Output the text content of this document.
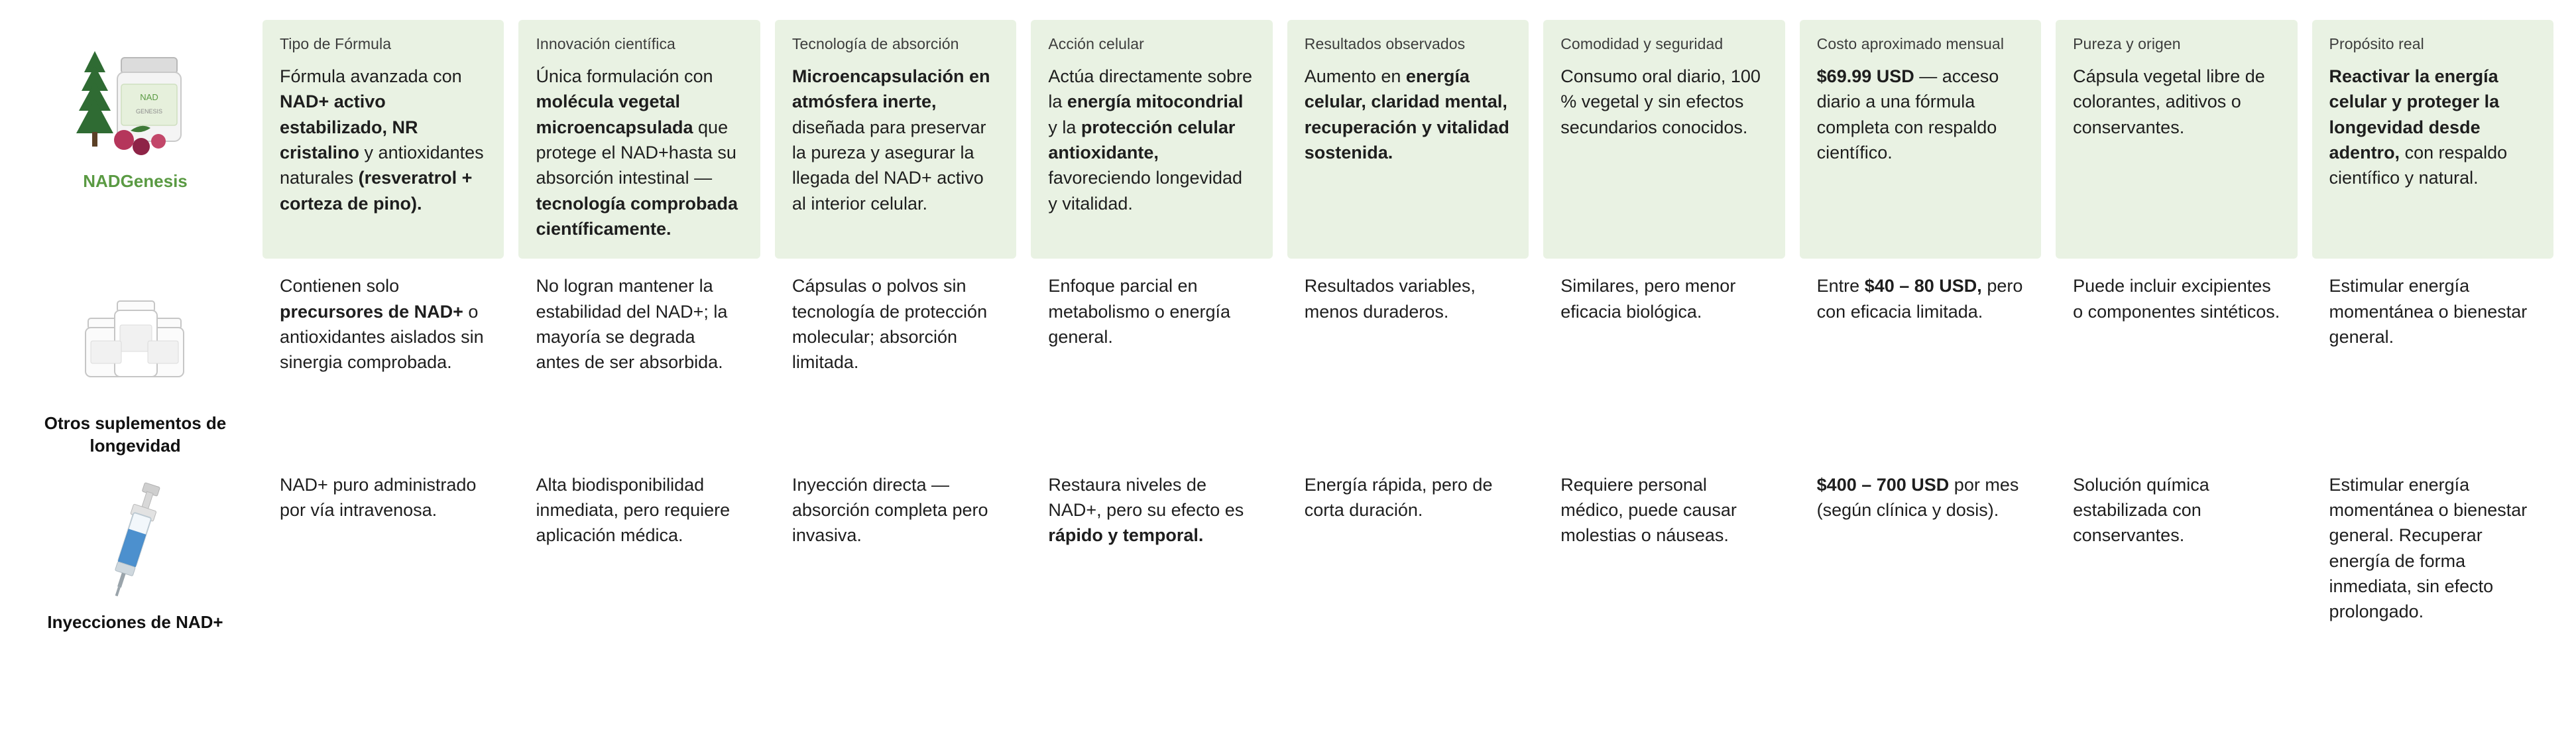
NAD
GENESIS
NADGenesis
Tipo de Fórmula
Fórmula avanzada con NAD+ activo estabilizado, NR cristalino y antioxidantes naturales (resveratrol + corteza de pino).
Innovación científica
Única formulación con molécula vegetal microencapsulada que protege el NAD+hasta su absorción intestinal — tecnología comprobada científicamente.
Tecnología de absorción
Microencapsulación en atmósfera inerte, diseñada para preservar la pureza y asegurar la llegada del NAD+ activo al interior celular.
Acción celular
Actúa directamente sobre la energía mitocondrial y la protección celular antioxidante, favoreciendo longevidad y vitalidad.
Resultados observados
Aumento en energía celular, claridad mental, recuperación y vitalidad sostenida.
Comodidad y seguridad
Consumo oral diario, 100 % vegetal y sin efectos secundarios conocidos.
Costo aproximado mensual
$69.99 USD — acceso diario a una fórmula completa con respaldo científico.
Pureza y origen
Cápsula vegetal libre de colorantes, aditivos o conservantes.
Propósito real
Reactivar la energía celular y proteger la longevidad desde adentro, con respaldo científico y natural.
Otros suplementos de longevidad
Contienen solo precursores de NAD+ o antioxidantes aislados sin sinergia comprobada.
No logran mantener la estabilidad del NAD+; la mayoría se degrada antes de ser absorbida.
Cápsulas o polvos sin tecnología de protección molecular; absorción limitada.
Enfoque parcial en metabolismo o energía general.
Resultados variables, menos duraderos.
Similares, pero menor eficacia biológica.
Entre $40 – 80 USD, pero con eficacia limitada.
Puede incluir excipientes o componentes sintéticos.
Estimular energía momentánea o bienestar general.
Inyecciones de NAD+
NAD+ puro administrado por vía intravenosa.
Alta biodisponibilidad inmediata, pero requiere aplicación médica.
Inyección directa — absorción completa pero invasiva.
Restaura niveles de NAD+, pero su efecto es rápido y temporal.
Energía rápida, pero de corta duración.
Requiere personal médico, puede causar molestias o náuseas.
$400 – 700 USD por mes (según clínica y dosis).
Solución química estabilizada con conservantes.
Estimular energía momentánea o bienestar general. Recuperar energía de forma inmediata, sin efecto prolongado.
